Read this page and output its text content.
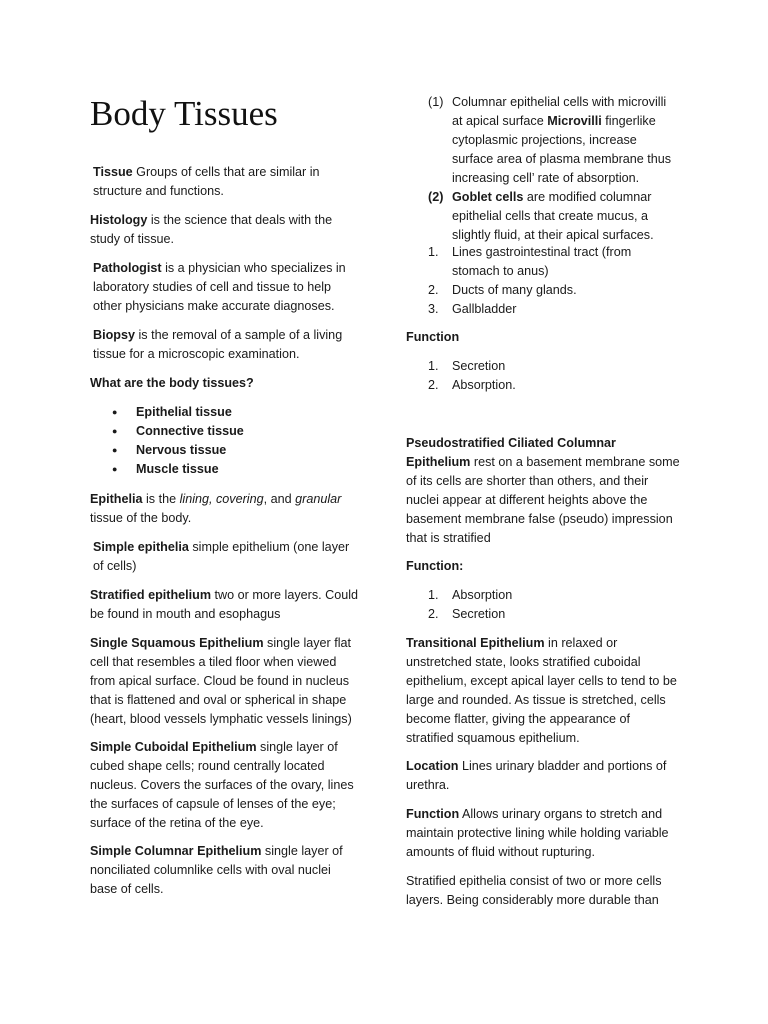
Body Tissues

Tissue Groups of cells that are similar in structure and functions.

Histology is the science that deals with the study of tissue.

Pathologist is a physician who specializes in laboratory studies of cell and tissue to help other physicians make accurate diagnoses.

Biopsy is the removal of a sample of a living tissue for a microscopic examination.

What are the body tissues?

● Epithelial tissue
● Connective tissue
● Nervous tissue
● Muscle tissue

Epithelia is the lining, covering, and granular tissue of the body.

Simple epithelia simple epithelium (one layer of cells)

Stratified epithelium two or more layers. Could be found in mouth and esophagus

Single Squamous Epithelium single layer flat cell that resembles a tiled floor when viewed from apical surface. Cloud be found in nucleus that is flattened and oval or spherical in shape (heart, blood vessels lymphatic vessels linings)

Simple Cuboidal Epithelium single layer of cubed shape cells; round centrally located nucleus. Covers the surfaces of the ovary, lines the surfaces of capsule of lenses of the eye; surface of the retina of the eye.

Simple Columnar Epithelium single layer of nonciliated columnlike cells with oval nuclei base of cells.

(1) Columnar epithelial cells with microvilli at apical surface Microvilli fingerlike cytoplasmic projections, increase surface area of plasma membrane thus increasing cell’ rate of absorption.
(2) Goblet cells are modified columnar epithelial cells that create mucus, a slightly fluid, at their apical surfaces.
1. Lines gastrointestinal tract (from stomach to anus)
2. Ducts of many glands.
3. Gallbladder

Function

1. Secretion
2. Absorption.

Pseudostratified Ciliated Columnar Epithelium rest on a basement membrane some of its cells are shorter than others, and their nuclei appear at different heights above the basement membrane false (pseudo) impression that is stratified

Function:

1. Absorption
2. Secretion

Transitional Epithelium in relaxed or unstretched state, looks stratified cuboidal epithelium, except apical layer cells to tend to be large and rounded. As tissue is stretched, cells become flatter, giving the appearance of stratified squamous epithelium.

Location Lines urinary bladder and portions of urethra.

Function Allows urinary organs to stretch and maintain protective lining while holding variable amounts of fluid without rupturing.

Stratified epithelia consist of two or more cells layers. Being considerably more durable than
